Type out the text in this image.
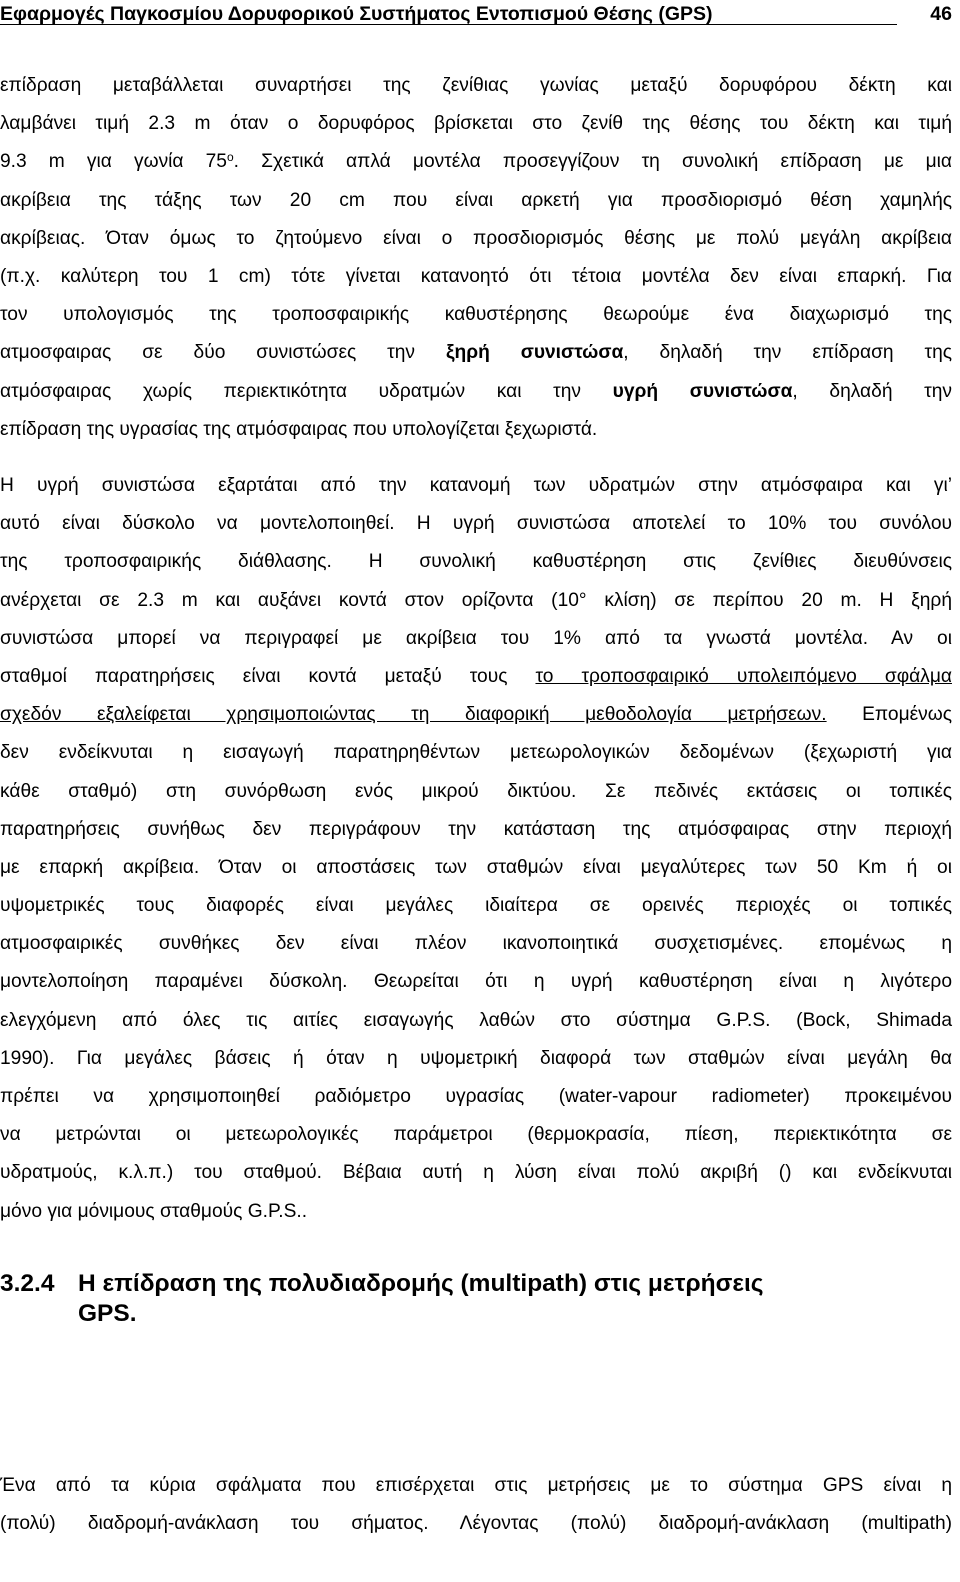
Εφαρμογές Παγκοσμίου Δορυφορικού Συστήματος Εντοπισμού Θέσης (GPS)	46
επίδραση μεταβάλλεται συναρτήσει της ζενίθιας γωνίας μεταξύ δορυφόρου δέκτη και
λαμβάνει τιμή 2.3 m όταν ο δορυφόρος βρίσκεται στο ζενίθ της θέσης του δέκτη και τιμή
9.3 m για γωνία $75^o$. Σχετικά απλά μοντέλα προσεγγίζουν τη συνολική επίδραση με μια
ακρίβεια της τάξης των 20 cm που είναι αρκετή για προσδιορισμό θέση χαμηλής
ακρίβειας. Όταν όμως το ζητούμενο είναι ο προσδιορισμός θέσης με πολύ μεγάλη ακρίβεια
(π.χ. καλύτερη του 1 cm) τότε γίνεται κατανοητό ότι τέτοια μοντέλα δεν είναι επαρκή. Για
τον υπολογισμός της τροποσφαιρικής καθυστέρησης θεωρούμε ένα διαχωρισμό της
ατμοσφαιρας σε δύο συνιστώσες την ξηρή συνιστώσα, δηλαδή την επίδραση της
ατμόσφαιρας χωρίς περιεκτικότητα υδρατμών και την υγρή συνιστώσα, δηλαδή την
επίδραση της υγρασίας της ατμόσφαιρας που υπολογίζεται ξεχωριστά.
Η υγρή συνιστώσα εξαρτάται από την κατανομή των υδρατμών στην ατμόσφαιρα και γι’
αυτό είναι δύσκολο να μοντελοποιηθεί. Η υγρή συνιστώσα αποτελεί το 10% του συνόλου
της τροποσφαιρικής διάθλασης. Η συνολική καθυστέρηση στις ζενίθιες διευθύνσεις
ανέρχεται σε 2.3 m και αυξάνει κοντά στον ορίζοντα (10° κλίση) σε περίπου 20 m. Η ξηρή
συνιστώσα μπορεί να περιγραφεί με ακρίβεια του 1% από τα γνωστά μοντέλα. Αν οι
σταθμοί παρατηρήσεις είναι κοντά μεταξύ τους το τροποσφαιρικό υπολειπόμενο σφάλμα
σχεδόν εξαλείφεται χρησιμοποιώντας τη διαφορική μεθοδολογία μετρήσεων. Επομένως
δεν ενδείκνυται η εισαγωγή παρατηρηθέντων μετεωρολογικών δεδομένων (ξεχωριστή για
κάθε σταθμό) στη συνόρθωση ενός μικρού δικτύου. Σε πεδινές εκτάσεις οι τοπικές
παρατηρήσεις συνήθως δεν περιγράφουν την κατάσταση της ατμόσφαιρας στην περιοχή
με επαρκή ακρίβεια. Όταν οι αποστάσεις των σταθμών είναι μεγαλύτερες των 50 Km ή οι
υψομετρικές τους διαφορές είναι μεγάλες ιδιαίτερα σε ορεινές περιοχές οι τοπικές
ατμοσφαιρικές συνθήκες δεν είναι πλέον ικανοποιητικά συσχετισμένες. επομένως η
μοντελοποίηση παραμένει δύσκολη. Θεωρείται ότι η υγρή καθυστέρηση είναι η λιγότερο
ελεγχόμενη από όλες τις αιτίες εισαγωγής λαθών στο σύστημα G.P.S. (Bock, Shimada
1990). Για μεγάλες βάσεις ή όταν η υψομετρική διαφορά των σταθμών είναι μεγάλη θα
πρέπει να χρησιμοποιηθεί ραδιόμετρο υγρασίας (water-vapour radiometer) προκειμένου
να μετρώνται οι μετεωρολογικές παράμετροι (θερμοκρασία, πίεση, περιεκτικότητα σε
υδρατμούς, κ.λ.π.) του σταθμού. Βέβαια αυτή η λύση είναι πολύ ακριβή () και ενδείκνυται
μόνο για μόνιμους σταθμούς G.P.S..
3.2.4 Η επίδραση της πολυδιαδρομής (multipath) στις μετρήσεις
GPS.
Ένα από τα κύρια σφάλματα που επισέρχεται στις μετρήσεις με το σύστημα GPS είναι η
(πολύ) διαδρομή-ανάκλαση του σήματος. Λέγοντας (πολύ) διαδρομή-ανάκλαση (multipath)
